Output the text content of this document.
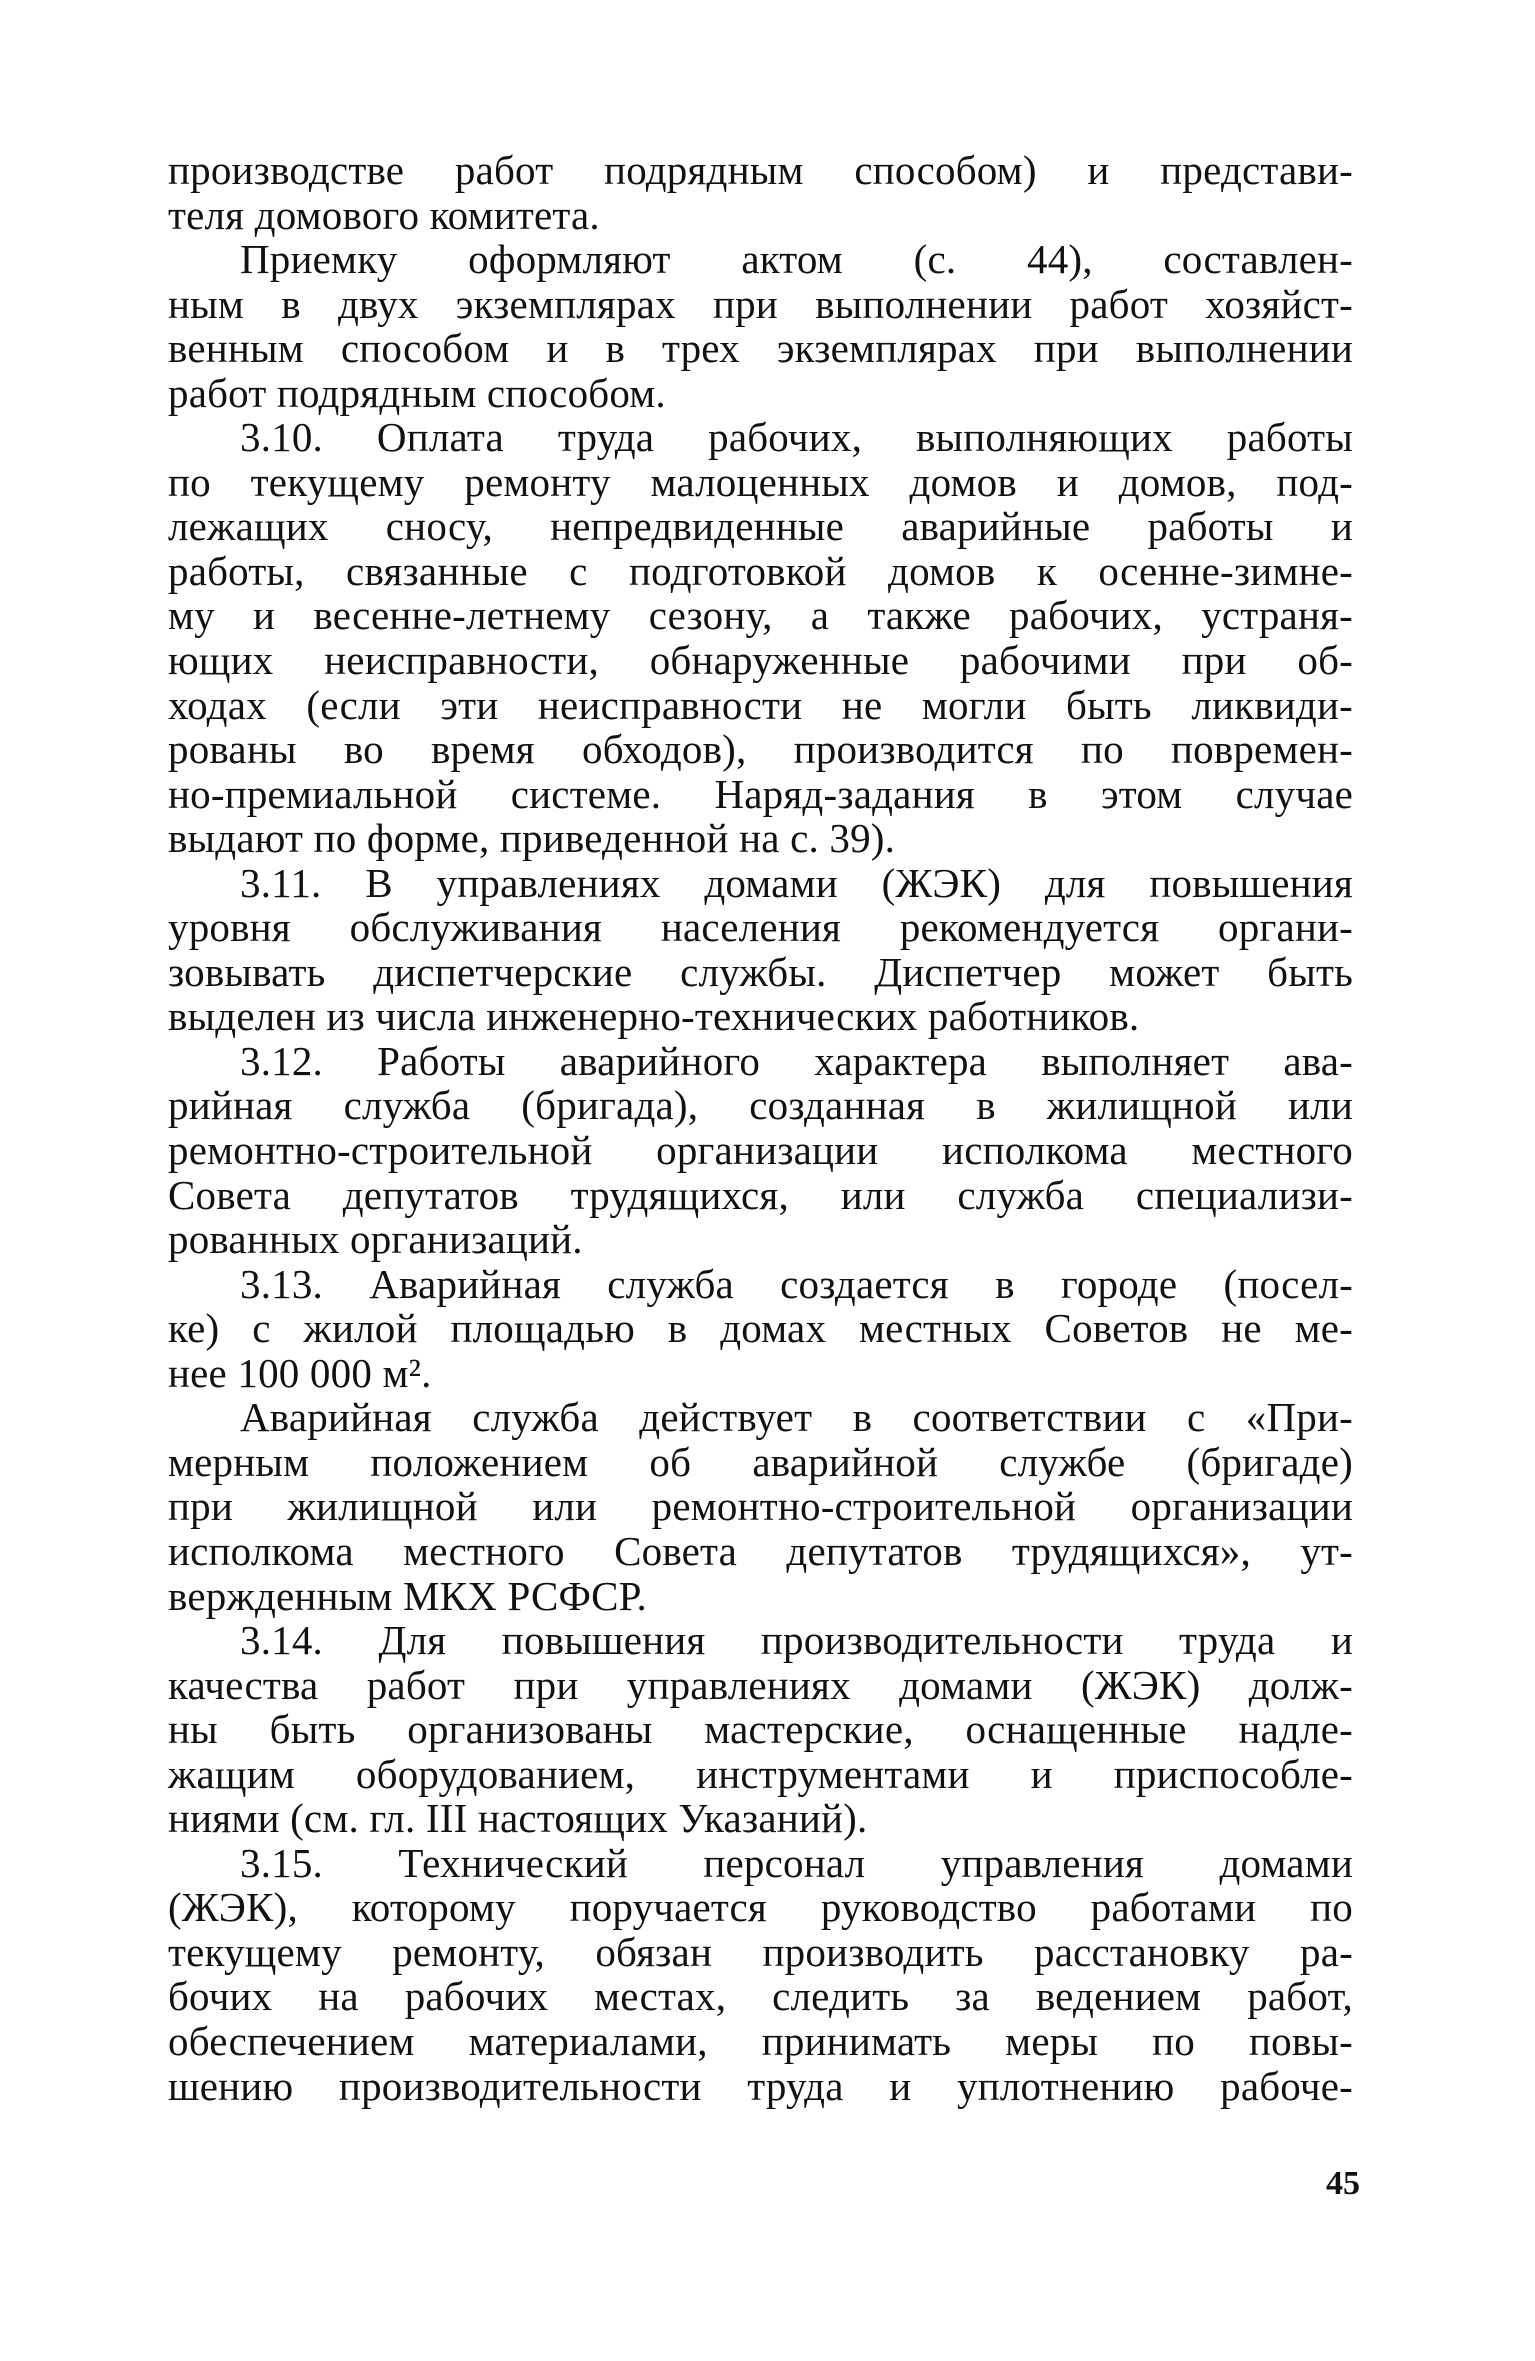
производстве работ подрядным способом) и представи-
теля домового комитета.
Приемку оформляют актом (с. 44), составлен-
ным в двух экземплярах при выполнении работ хозяйст-
венным способом и в трех экземплярах при выполнении
работ подрядным способом.
3.10. Оплата труда рабочих, выполняющих работы
по текущему ремонту малоценных домов и домов, под-
лежащих сносу, непредвиденные аварийные работы и
работы, связанные с подготовкой домов к осенне-зимне-
му и весенне-летнему сезону, а также рабочих, устраня-
ющих неисправности, обнаруженные рабочими при об-
ходах (если эти неисправности не могли быть ликвиди-
рованы во время обходов), производится по повремен-
но-премиальной системе. Наряд-задания в этом случае
выдают по форме, приведенной на с. 39).
3.11. В управлениях домами (ЖЭК) для повышения
уровня обслуживания населения рекомендуется органи-
зовывать диспетчерские службы. Диспетчер может быть
выделен из числа инженерно-технических работников.
3.12. Работы аварийного характера выполняет ава-
рийная служба (бригада), созданная в жилищной или
ремонтно-строительной организации исполкома местного
Совета депутатов трудящихся, или служба специализи-
рованных организаций.
3.13. Аварийная служба создается в городе (посел-
ке) с жилой площадью в домах местных Советов не ме-
нее 100 000 м².
Аварийная служба действует в соответствии с «При-
мерным положением об аварийной службе (бригаде)
при жилищной или ремонтно-строительной организации
исполкома местного Совета депутатов трудящихся», ут-
вержденным МКХ РСФСР.
3.14. Для повышения производительности труда и
качества работ при управлениях домами (ЖЭК) долж-
ны быть организованы мастерские, оснащенные надле-
жащим оборудованием, инструментами и приспособле-
ниями (см. гл. III настоящих Указаний).
3.15. Технический персонал управления домами
(ЖЭК), которому поручается руководство работами по
текущему ремонту, обязан производить расстановку ра-
бочих на рабочих местах, следить за ведением работ,
обеспечением материалами, принимать меры по повы-
шению производительности труда и уплотнению рабоче-
45
